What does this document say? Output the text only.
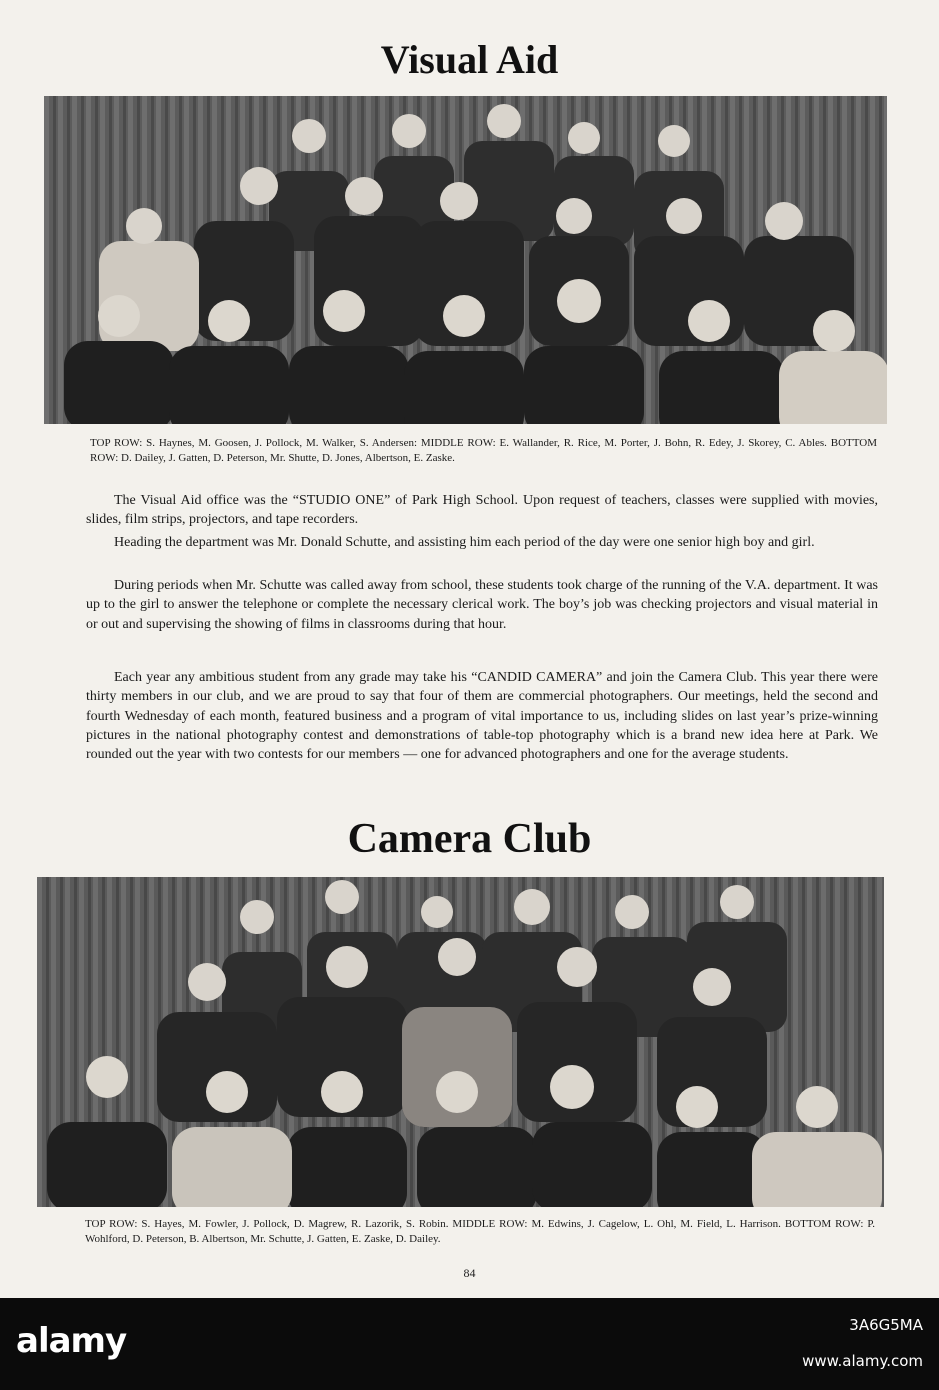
Visual Aid

TOP ROW: S. Haynes, M. Goosen, J. Pollock, M. Walker, S. Andersen: MIDDLE ROW: E. Wallander, R. Rice, M. Porter, J. Bohn, R. Edey, J. Skorey, C. Ables. BOTTOM ROW: D. Dailey, J. Gatten, D. Peterson, Mr. Shutte, D. Jones, Albertson, E. Zaske.

The Visual Aid office was the “STUDIO ONE” of Park High School. Upon request of teachers, classes were supplied with movies, slides, film strips, projectors, and tape recorders.

Heading the department was Mr. Donald Schutte, and assisting him each period of the day were one senior high boy and girl.

During periods when Mr. Schutte was called away from school, these students took charge of the running of the V.A. department. It was up to the girl to answer the telephone or complete the necessary clerical work. The boy’s job was checking projectors and visual material in or out and supervising the showing of films in classrooms during that hour.

Each year any ambitious student from any grade may take his “CANDID CAMERA” and join the Camera Club. This year there were thirty members in our club, and we are proud to say that four of them are commercial photographers. Our meetings, held the second and fourth Wednesday of each month, featured business and a program of vital importance to us, including slides on last year’s prize-winning pictures in the national photography contest and demonstrations of table-top photography which is a brand new idea here at Park. We rounded out the year with two contests for our members — one for advanced photographers and one for the average students.

Camera Club

TOP ROW: S. Hayes, M. Fowler, J. Pollock, D. Magrew, R. Lazorik, S. Robin. MIDDLE ROW: M. Edwins, J. Cagelow, L. Ohl, M. Field, L. Harrison. BOTTOM ROW: P. Wohlford, D. Peterson, B. Albertson, Mr. Schutte, J. Gatten, E. Zaske, D. Dailey.

84
alamy	3A6G5MA
www.alamy.com
